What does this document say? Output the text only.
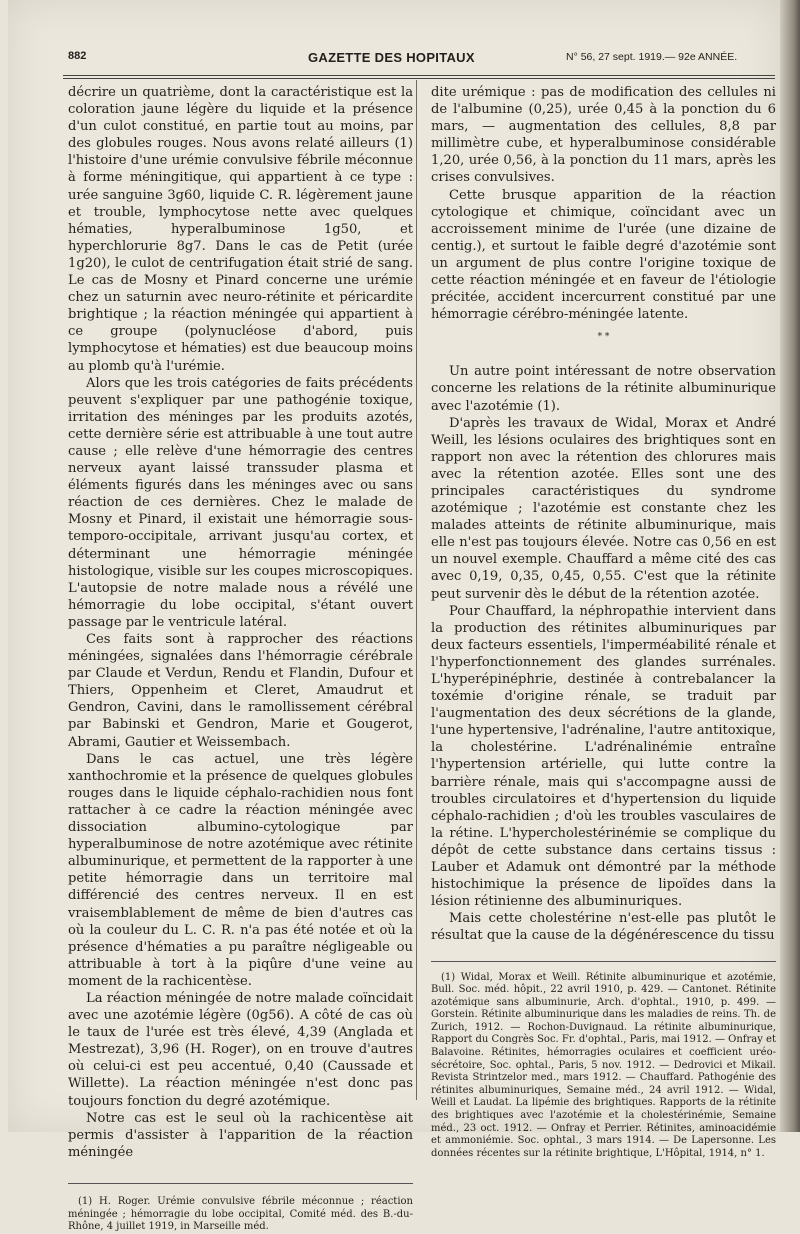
882	GAZETTE DES HOPITAUX	N° 56, 27 sept. 1919.— 92e ANNÉE.

décrire un quatrième, dont la caractéristique est la coloration jaune légère du liquide et la présence d'un culot constitué, en partie tout au moins, par des globules rouges. Nous avons relaté ailleurs (1) l'histoire d'une urémie convulsive fébrile méconnue à forme méningitique, qui appartient à ce type : urée sanguine 3g60, liquide C. R. légèrement jaune et trouble, lymphocytose nette avec quelques hématies, hyperalbuminose 1g50, et hyperchlorurie 8g7. Dans le cas de Petit (urée 1g20), le culot de centrifugation était strié de sang. Le cas de Mosny et Pinard concerne une urémie chez un saturnin avec neuro-rétinite et péricardite brightique ; la réaction méningée qui appartient à ce groupe (polynucléose d'abord, puis lymphocytose et hématies) est due beaucoup moins au plomb qu'à l'urémie.

Alors que les trois catégories de faits précédents peuvent s'expliquer par une pathogénie toxique, irritation des méninges par les produits azotés, cette dernière série est attribuable à une tout autre cause ; elle relève d'une hémorragie des centres nerveux ayant laissé transsuder plasma et éléments figurés dans les méninges avec ou sans réaction de ces dernières. Chez le malade de Mosny et Pinard, il existait une hémorragie sous-temporo-occipitale, arrivant jusqu'au cortex, et déterminant une hémorragie méningée histologique, visible sur les coupes microscopiques. L'autopsie de notre malade nous a révélé une hémorragie du lobe occipital, s'étant ouvert passage par le ventricule latéral.

Ces faits sont à rapprocher des réactions méningées, signalées dans l'hémorragie cérébrale par Claude et Verdun, Rendu et Flandin, Dufour et Thiers, Oppenheim et Cleret, Amaudrut et Gendron, Cavini, dans le ramollissement cérébral par Babinski et Gendron, Marie et Gougerot, Abrami, Gautier et Weissembach.

Dans le cas actuel, une très légère xanthochromie et la présence de quelques globules rouges dans le liquide céphalo-rachidien nous font rattacher à ce cadre la réaction méningée avec dissociation albumino-cytologique par hyperalbuminose de notre azotémique avec rétinite albuminurique, et permettent de la rapporter à une petite hémorragie dans un territoire mal différencié des centres nerveux. Il en est vraisemblablement de même de bien d'autres cas où la couleur du L. C. R. n'a pas été notée et où la présence d'hématies a pu paraître négligeable ou attribuable à tort à la piqûre d'une veine au moment de la rachicentèse.

La réaction méningée de notre malade coïncidait avec une azotémie légère (0g56). A côté de cas où le taux de l'urée est très élevé, 4,39 (Anglada et Mestrezat), 3,96 (H. Roger), on en trouve d'autres où celui-ci est peu accentué, 0,40 (Caussade et Willette). La réaction méningée n'est donc pas toujours fonction du degré azotémique.

Notre cas est le seul où la rachicentèse ait permis d'assister à l'apparition de la réaction méningée

(1) H. Roger. Urémie convulsive fébrile méconnue ; réaction méningée ; hémorragie du lobe occipital, Comité méd. des B.-du-Rhône, 4 juillet 1919, in Marseille méd.

dite urémique : pas de modification des cellules ni de l'albumine (0,25), urée 0,45 à la ponction du 6 mars, — augmentation des cellules, 8,8 par millimètre cube, et hyperalbuminose considérable 1,20, urée 0,56, à la ponction du 11 mars, après les crises convulsives.

Cette brusque apparition de la réaction cytologique et chimique, coïncidant avec un accroissement minime de l'urée (une dizaine de centig.), et surtout le faible degré d'azotémie sont un argument de plus contre l'origine toxique de cette réaction méningée et en faveur de l'étiologie précitée, accident incercurrent constitué par une hémorragie cérébro-méningée latente.

* *

Un autre point intéressant de notre observation concerne les relations de la rétinite albuminurique avec l'azotémie (1).

D'après les travaux de Widal, Morax et André Weill, les lésions oculaires des brightiques sont en rapport non avec la rétention des chlorures mais avec la rétention azotée. Elles sont une des principales caractéristiques du syndrome azotémique ; l'azotémie est constante chez les malades atteints de rétinite albuminurique, mais elle n'est pas toujours élevée. Notre cas 0,56 en est un nouvel exemple. Chauffard a même cité des cas avec 0,19, 0,35, 0,45, 0,55. C'est que la rétinite peut survenir dès le début de la rétention azotée.

Pour Chauffard, la néphropathie intervient dans la production des rétinites albuminuriques par deux facteurs essentiels, l'imperméabilité rénale et l'hyperfonctionnement des glandes surrénales. L'hyperépinéphrie, destinée à contrebalancer la toxémie d'origine rénale, se traduit par l'augmentation des deux sécrétions de la glande, l'une hypertensive, l'adrénaline, l'autre antitoxique, la cholestérine. L'adrénalinémie entraîne l'hypertension artérielle, qui lutte contre la barrière rénale, mais qui s'accompagne aussi de troubles circulatoires et d'hypertension du liquide céphalo-rachidien ; d'où les troubles vasculaires de la rétine. L'hypercholestérinémie se complique du dépôt de cette substance dans certains tissus : Lauber et Adamuk ont démontré par la méthode histochimique la présence de lipoïdes dans la lésion rétinienne des albuminuriques.

Mais cette cholestérine n'est-elle pas plutôt le résultat que la cause de la dégénérescence du tissu

(1) Widal, Morax et Weill. Rétinite albuminurique et azotémie, Bull. Soc. méd. hôpit., 22 avril 1910, p. 429. — Cantonet. Rétinite azotémique sans albuminurie, Arch. d'ophtal., 1910, p. 499. — Gorstein. Rétinite albuminurique dans les maladies de reins. Th. de Zurich, 1912. — Rochon-Duvignaud. La rétinite albuminurique, Rapport du Congrès Soc. Fr. d'ophtal., Paris, mai 1912. — Onfray et Balavoine. Rétinites, hémorragies oculaires et coefficient uréo-sécrétoire, Soc. ophtal., Paris, 5 nov. 1912. — Dedrovici et Mikail. Revista Strintzelor med., mars 1912. — Chauffard. Pathogénie des rétinites albuminuriques, Semaine méd., 24 avril 1912. — Widal, Weill et Laudat. La lipémie des brightiques. Rapports de la rétinite des brightiques avec l'azotémie et la cholestérinémie, Semaine méd., 23 oct. 1912. — Onfray et Perrier. Rétinites, aminoacidémie et ammoniémie. Soc. ophtal., 3 mars 1914. — De Lapersonne. Les données récentes sur la rétinite brightique, L'Hôpital, 1914, n° 1.
